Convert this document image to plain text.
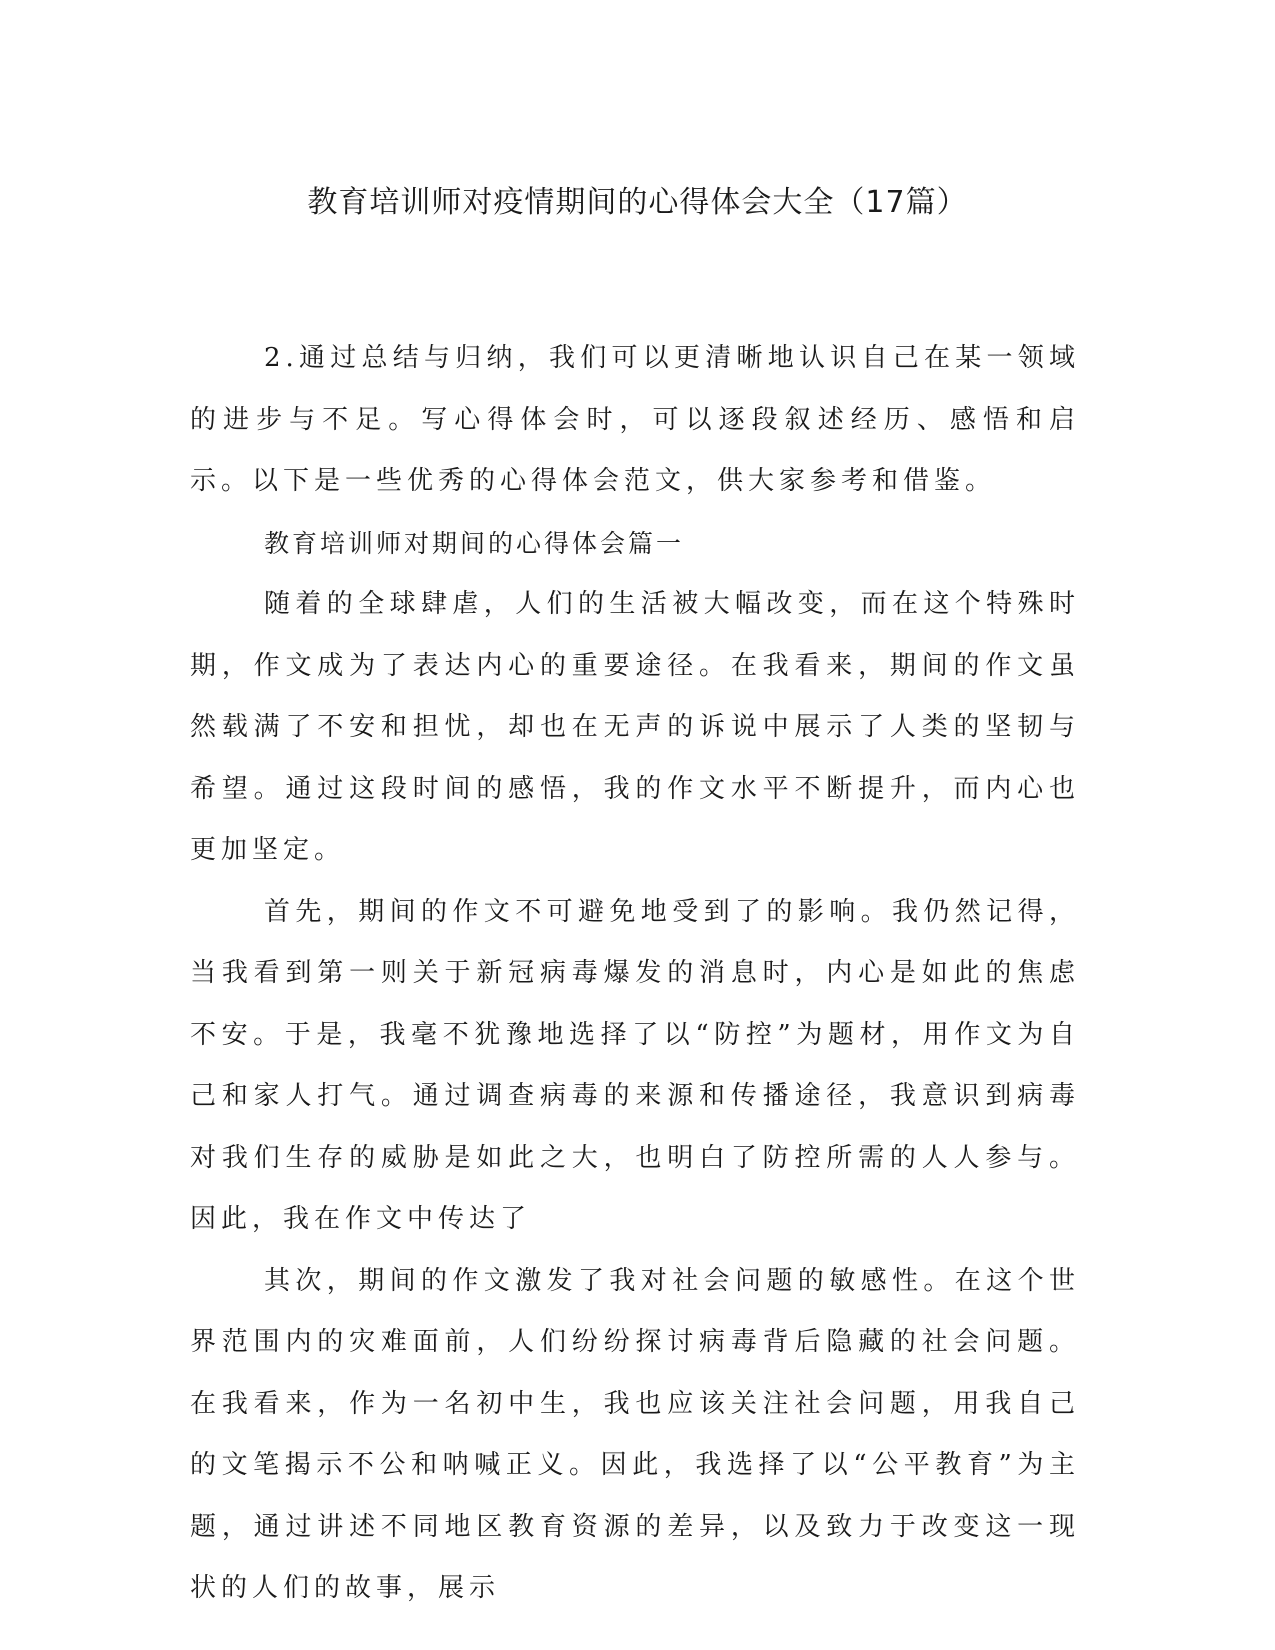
教育培训师对疫情期间的心得体会大全（17篇）

2.通过总结与归纳，我们可以更清晰地认识自己在某一领域的进步与不足。写心得体会时，可以逐段叙述经历、感悟和启示。以下是一些优秀的心得体会范文，供大家参考和借鉴。

教育培训师对期间的心得体会篇一

随着的全球肆虐，人们的生活被大幅改变，而在这个特殊时期，作文成为了表达内心的重要途径。在我看来，期间的作文虽然载满了不安和担忧，却也在无声的诉说中展示了人类的坚韧与希望。通过这段时间的感悟，我的作文水平不断提升，而内心也更加坚定。

首先，期间的作文不可避免地受到了的影响。我仍然记得，当我看到第一则关于新冠病毒爆发的消息时，内心是如此的焦虑不安。于是，我毫不犹豫地选择了以“防控”为题材，用作文为自己和家人打气。通过调查病毒的来源和传播途径，我意识到病毒对我们生存的威胁是如此之大，也明白了防控所需的人人参与。因此，我在作文中传达了

其次，期间的作文激发了我对社会问题的敏感性。在这个世界范围内的灾难面前，人们纷纷探讨病毒背后隐藏的社会问题。在我看来，作为一名初中生，我也应该关注社会问题，用我自己的文笔揭示不公和呐喊正义。因此，我选择了以“公平教育”为主题，通过讲述不同地区教育资源的差异，以及致力于改变这一现状的人们的故事，展示
